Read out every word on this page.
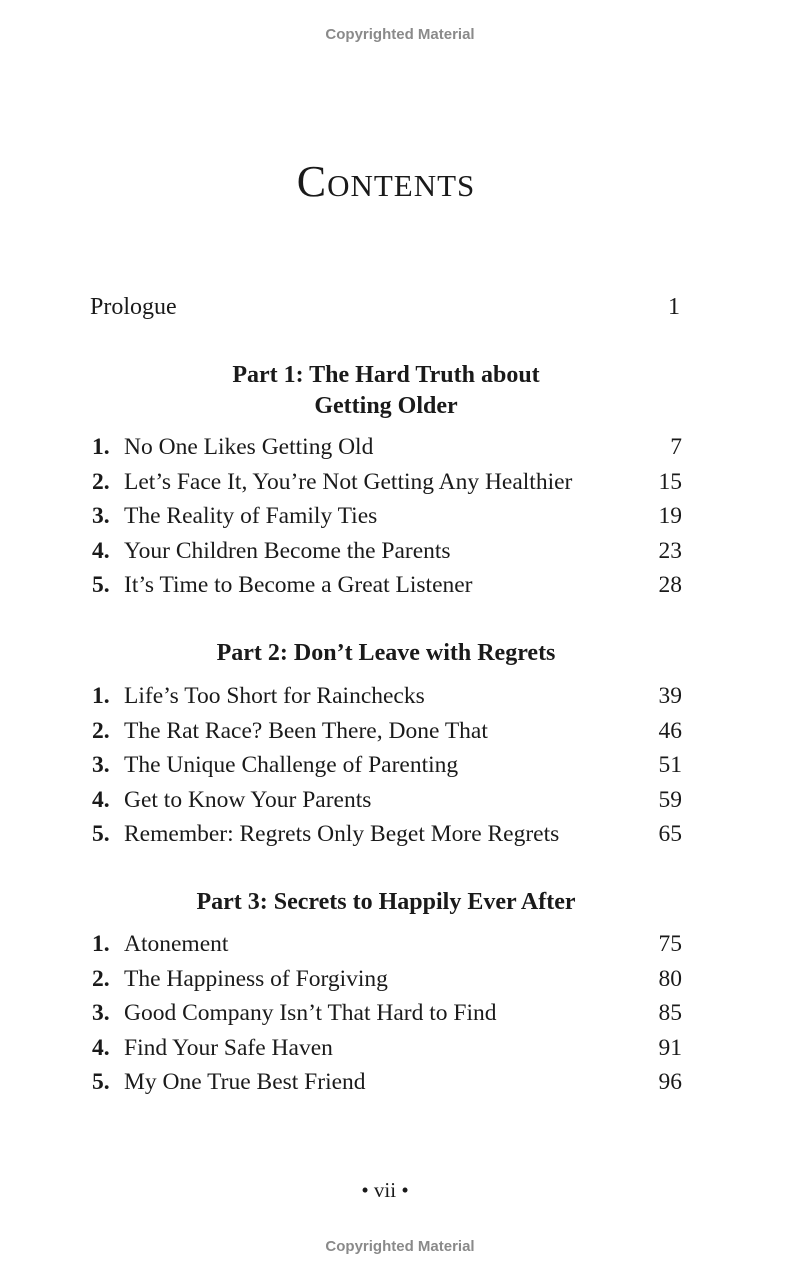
Copyrighted Material
Contents
Prologue	1
Part 1: The Hard Truth about
Getting Older
1. No One Likes Getting Old	7
2. Let’s Face It, You’re Not Getting Any Healthier	15
3. The Reality of Family Ties	19
4. Your Children Become the Parents	23
5. It’s Time to Become a Great Listener	28
Part 2: Don’t Leave with Regrets
1. Life’s Too Short for Rainchecks	39
2. The Rat Race? Been There, Done That	46
3. The Unique Challenge of Parenting	51
4. Get to Know Your Parents	59
5. Remember: Regrets Only Beget More Regrets	65
Part 3: Secrets to Happily Ever After
1. Atonement	75
2. The Happiness of Forgiving	80
3. Good Company Isn’t That Hard to Find	85
4. Find Your Safe Haven	91
5. My One True Best Friend	96
• vii •
Copyrighted Material
